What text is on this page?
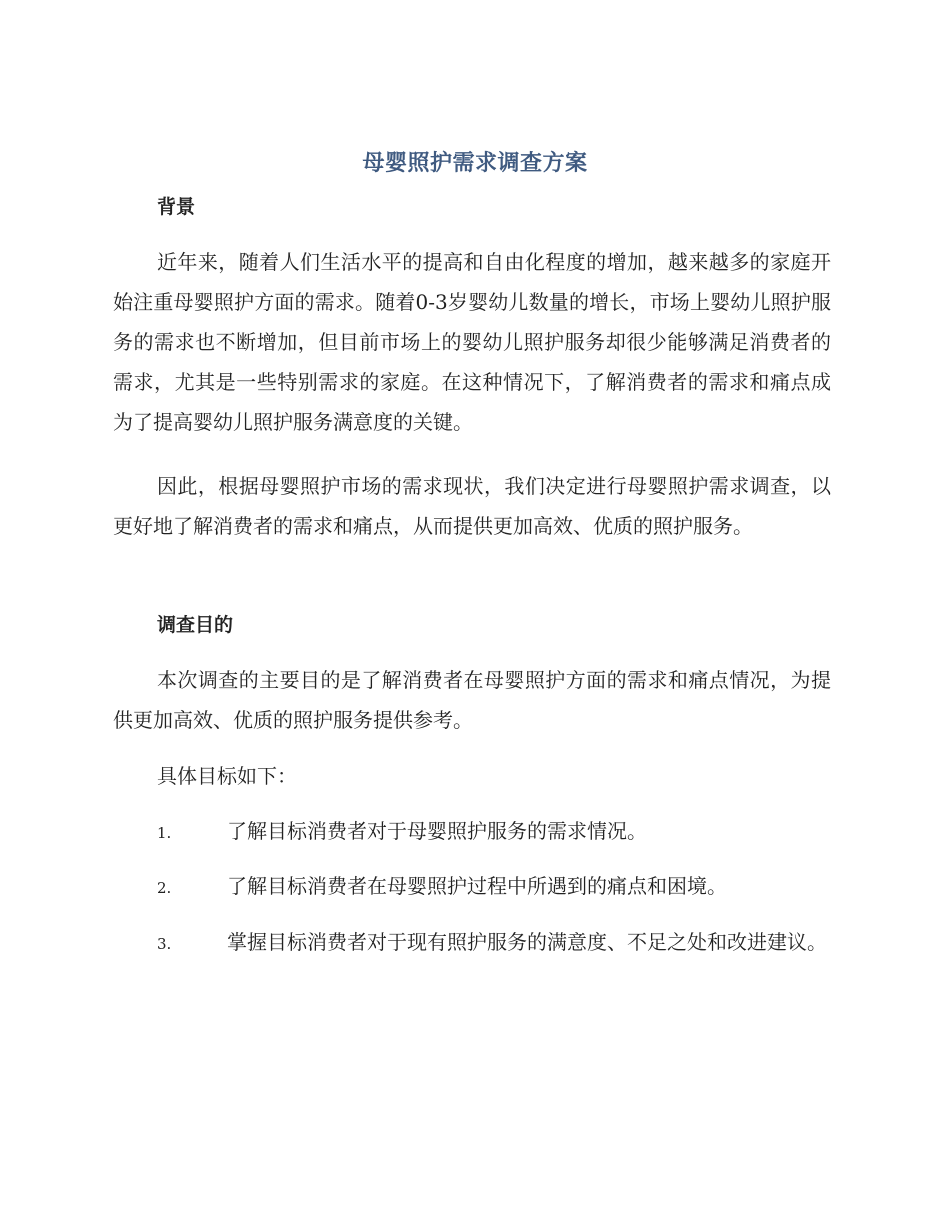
母婴照护需求调查方案
背景

近年来，随着人们生活水平的提高和自由化程度的增加，越来越多的家庭开始注重母婴照护方面的需求。随着0-3岁婴幼儿数量的增长，市场上婴幼儿照护服务的需求也不断增加，但目前市场上的婴幼儿照护服务却很少能够满足消费者的需求，尤其是一些特别需求的家庭。在这种情况下，了解消费者的需求和痛点成为了提高婴幼儿照护服务满意度的关键。

因此，根据母婴照护市场的需求现状，我们决定进行母婴照护需求调查，以更好地了解消费者的需求和痛点，从而提供更加高效、优质的照护服务。

调查目的

本次调查的主要目的是了解消费者在母婴照护方面的需求和痛点情况，为提供更加高效、优质的照护服务提供参考。

具体目标如下：

1.	了解目标消费者对于母婴照护服务的需求情况。
2.	了解目标消费者在母婴照护过程中所遇到的痛点和困境。
3.	掌握目标消费者对于现有照护服务的满意度、不足之处和改进建议。
